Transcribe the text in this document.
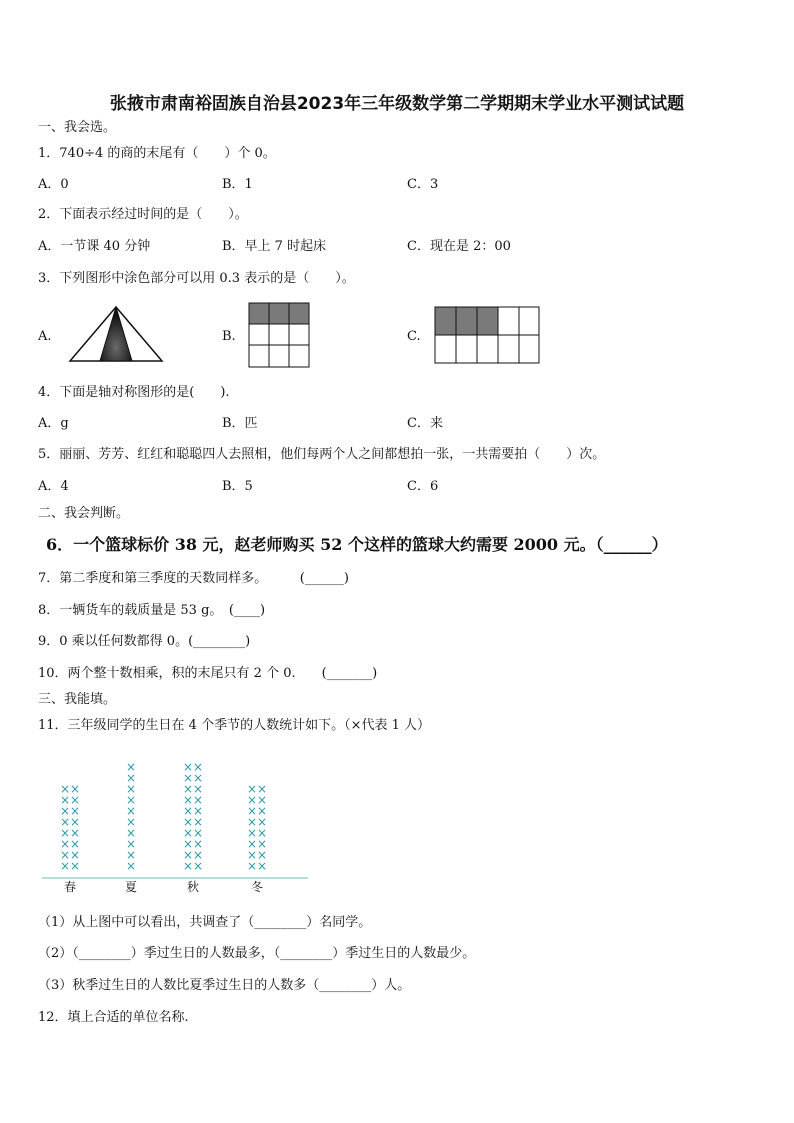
张掖市肃南裕固族自治县2023年三年级数学第二学期期末学业水平测试试题
一、我会选。
1．740÷4 的商的末尾有（　　）个 0。
A．0	B．1	C．3
2．下面表示经过时间的是（　　）。
A．一节课 40 分钟	B．早上 7 时起床	C．现在是 2：00
3．下列图形中涂色部分可以用 0.3 表示的是（　　）。
A.	B.	C.
4．下面是轴对称图形的是(　　).
A．g	B．匹	C．来
5．丽丽、芳芳、红红和聪聪四人去照相，他们每两个人之间都想拍一张，一共需要拍（　　）次。
A．4	B．5	C．6
二、我会判断。
6．一个篮球标价 38 元，赵老师购买 52 个这样的篮球大约需要 2000 元。（______）
7．第二季度和第三季度的天数同样多。　　　(______)
8．一辆货车的载质量是 53 g。　(____)
9．0 乘以任何数都得 0。(________)
10．两个整十数相乘，积的末尾只有 2 个 0.　　(_______)
三、我能填。
11．三年级同学的生日在 4 个季节的人数统计如下。（×代表 1 人）
× ×
× ×
× ×
× ×
× ×
× ×
× ×
× ×
春
×
×
×
×
×
×
×
×
×
×
夏
× ×
× ×
× ×
× ×
× ×
× ×
× ×
× ×
× ×
× ×
秋
× ×
× ×
× ×
× ×
× ×
× ×
× ×
× ×
冬
（1）从上图中可以看出，共调查了（________）名同学。
（2）（________）季过生日的人数最多，（________）季过生日的人数最少。
（3）秋季过生日的人数比夏季过生日的人数多（________）人。
12．填上合适的单位名称.
